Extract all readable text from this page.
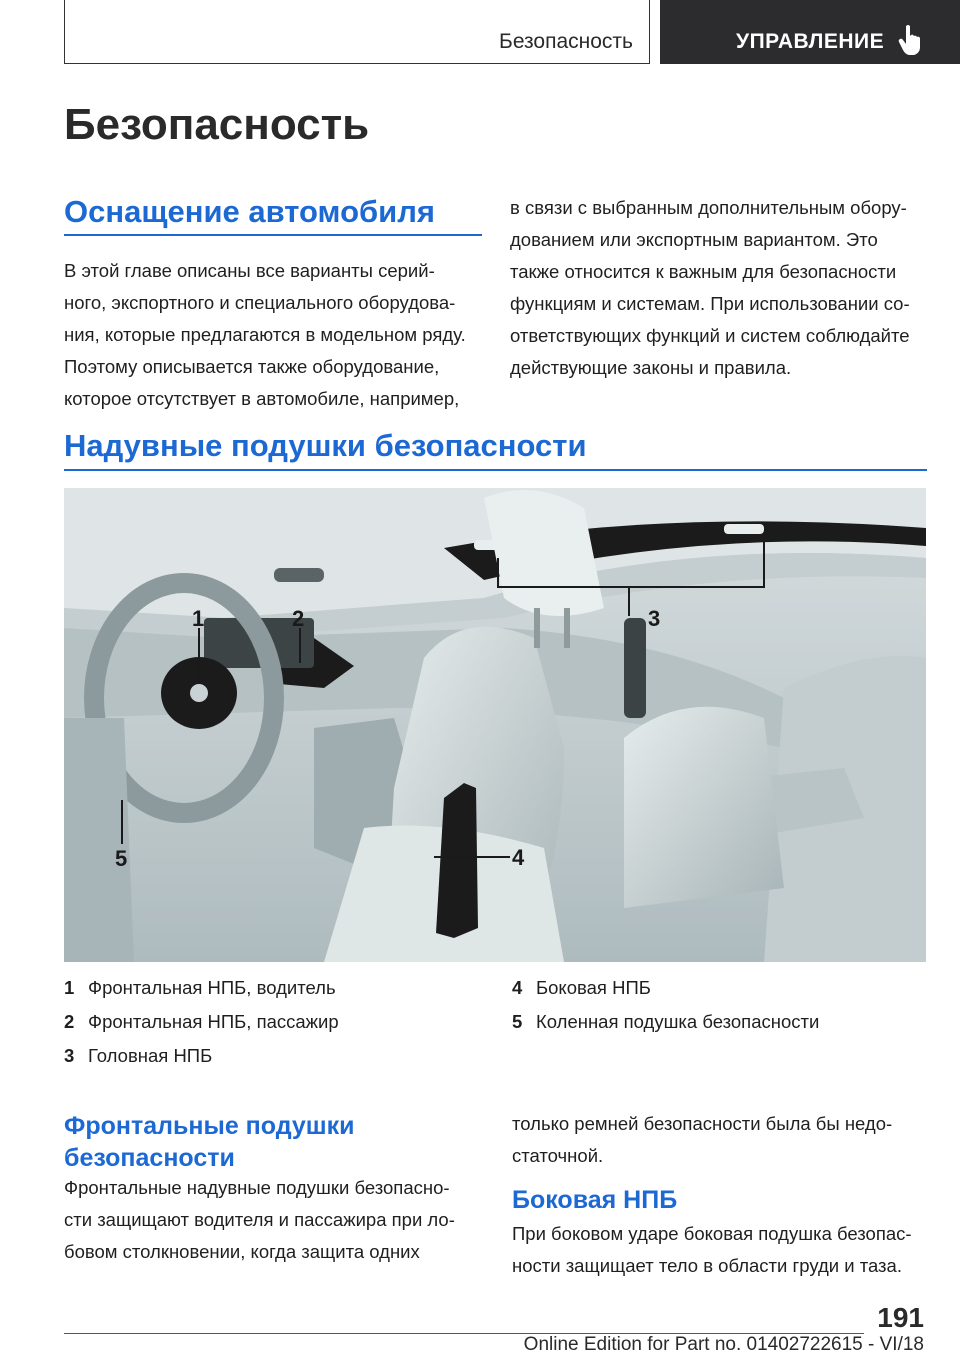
Безопасность	УПРАВЛЕНИЕ
Безопасность
Оснащение автомобиля
В этой главе описаны все варианты серий-
ного, экспортного и специального оборудова-
ния, которые предлагаются в модельном ряду.
Поэтому описывается также оборудование,
которое отсутствует в автомобиле, например,
в связи с выбранным дополнительным обору-
дованием или экспортным вариантом. Это
также относится к важным для безопасности
функциям и системам. При использовании со-
ответствующих функций и систем соблюдайте
действующие законы и правила.
Надувные подушки безопасности
1	2	3
4
5
1 Фронтальная НПБ, водитель
2 Фронтальная НПБ, пассажир
3 Головная НПБ
4 Боковая НПБ
5 Коленная подушка безопасности
Фронтальные подушки
безопасности
Фронтальные надувные подушки безопасно-
сти защищают водителя и пассажира при ло-
бовом столкновении, когда защита одних
только ремней безопасности была бы недо-
статочной.
Боковая НПБ
При боковом ударе боковая подушка безопас-
ности защищает тело в области груди и таза.
191
Online Edition for Part no. 01402722615 - VI/18
